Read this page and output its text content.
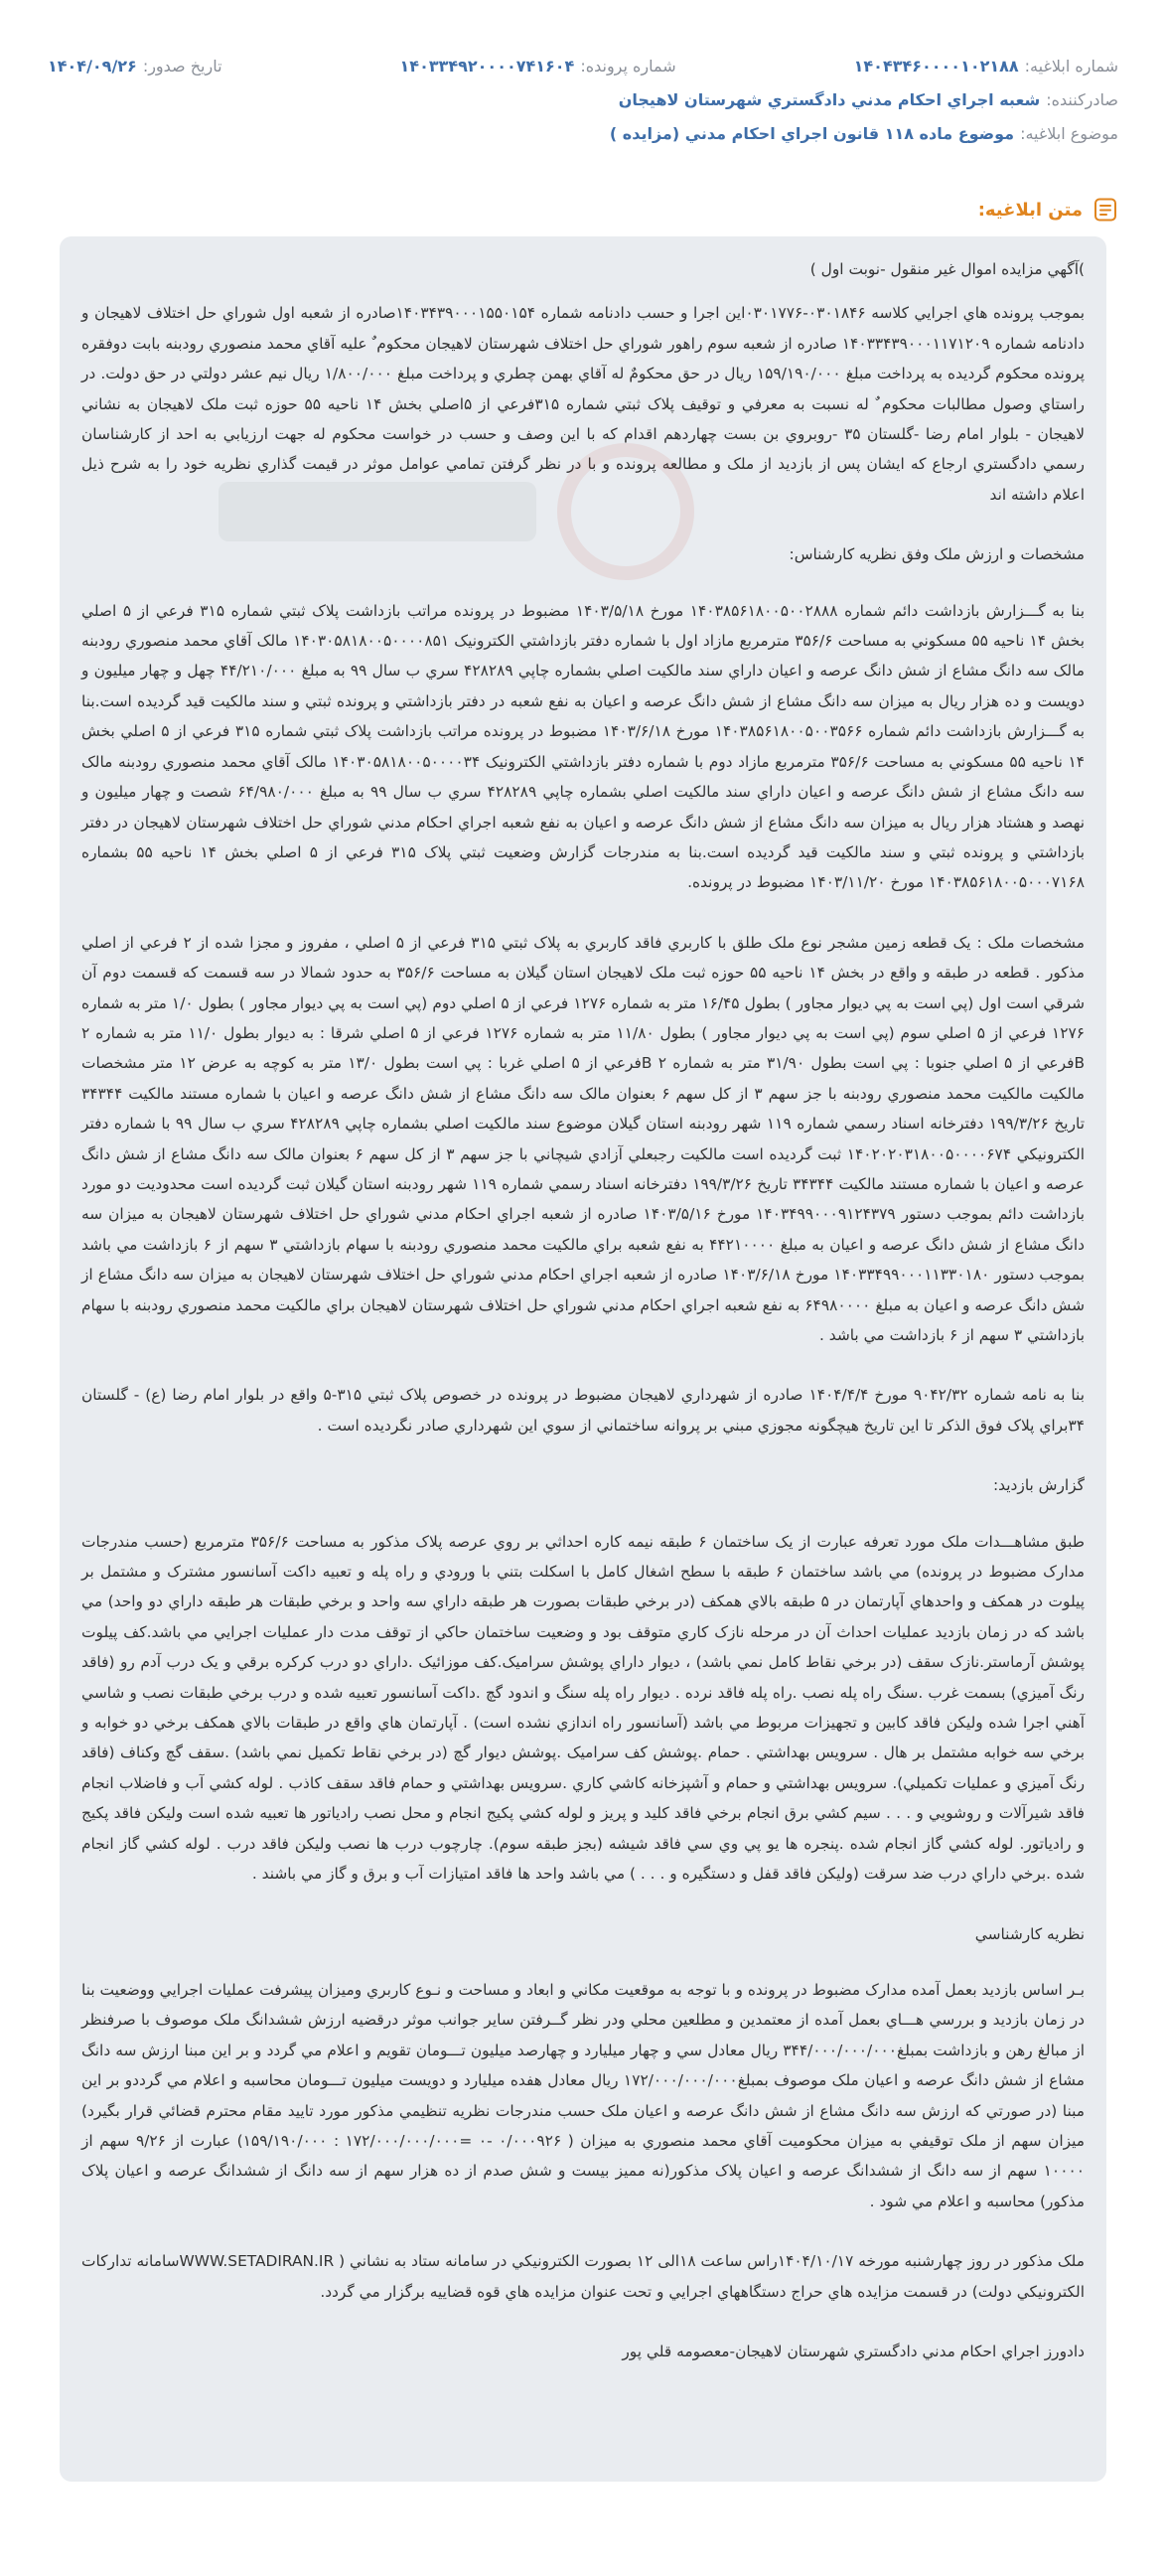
شماره ابلاغیه:۱۴۰۴۳۴۶۰۰۰۰۱۰۲۱۸۸
شماره پرونده:۱۴۰۳۳۴۹۲۰۰۰۰۷۴۱۶۰۴
تاریخ صدور:۱۴۰۴/۰۹/۲۶
صادرکننده:
شعبه اجراي احکام مدني دادگستري شهرستان لاهيجان
موضوع ابلاغیه:
موضوع ماده ۱۱۸ قانون اجراي احکام مدني (مزايده )
متن ابلاغیه:

)آگهي مزايده اموال غير منقول -نوبت اول )

بموجب پرونده هاي اجرايي کلاسه ۰۳۰۱۸۴۶-۰۳۰۱۷۷۶اين اجرا و حسب دادنامه شماره ۱۴۰۳۴۳۹۰۰۰۱۵۵۰۱۵۴صادره از شعبه اول شوراي حل اختلاف لاهيجان و دادنامه شماره ۱۴۰۳۳۴۳۹۰۰۰۱۱۷۱۲۰۹ صادره از شعبه سوم راهور شوراي حل اختلاف شهرستان لاهيجان محکوم ٌ عليه آقاي محمد منصوري رودبنه بابت دوفقره پرونده محکوم گرديده به پرداخت مبلغ ۱۵۹/۱۹۰/۰۰۰ ريال در حق محکومٌ له آقاي بهمن چطري و پرداخت مبلغ ۱/۸۰۰/۰۰۰ ريال نيم عشر دولتي در حق دولت. در راستاي وصول مطالبات محکوم ٌ له نسبت به معرفي و توقيف پلاک ثبتي شماره ۳۱۵فرعي از ۵اصلي بخش ۱۴ ناحيه ۵۵ حوزه ثبت ملک لاهيجان به نشاني لاهيجان - بلوار امام رضا -گلستان ۳۵ -روبروي بن بست چهاردهم اقدام که با اين وصف و حسب در خواست محکوم له جهت ارزيابي به احد از کارشناسان رسمي دادگستري ارجاع که ايشان پس از بازديد از ملک و مطالعه پرونده و با در نظر گرفتن تمامي عوامل موثر در قيمت گذاري نظريه خود را به شرح ذيل اعلام داشته اند

مشخصات و ارزش ملک وفق نظريه کارشناس:

بنا به گـــزارش بازداشت دائم شماره ۱۴۰۳۸۵۶۱۸۰۰۵۰۰۲۸۸۸ مورخ ۱۴۰۳/۵/۱۸ مضبوط در پرونده مراتب بازداشت پلاک ثبتي شماره ۳۱۵ فرعي از ۵ اصلي بخش ۱۴ ناحيه ۵۵ مسکوني به مساحت ۳۵۶/۶ مترمربع مازاد اول با شماره دفتر بازداشتي الکترونيک ۱۴۰۳۰۵۸۱۸۰۰۵۰۰۰۰۸۵۱ مالک آقاي محمد منصوري رودبنه مالک سه دانگ مشاع از شش دانگ عرصه و اعيان داراي سند مالکيت اصلي بشماره چاپي ۴۲۸۲۸۹ سري ب سال ۹۹ به مبلغ ۴۴/۲۱۰/۰۰۰ چهل و چهار ميليون و دويست و ده هزار ريال به ميزان سه دانگ مشاع از شش دانگ عرصه و اعيان به نفع شعبه در دفتر بازداشتي و پرونده ثبتي و سند مالکيت قيد گرديده است.بنا به گـــزارش بازداشت دائم شماره ۱۴۰۳۸۵۶۱۸۰۰۵۰۰۳۵۶۶ مورخ ۱۴۰۳/۶/۱۸ مضبوط در پرونده مراتب بازداشت پلاک ثبتي شماره ۳۱۵ فرعي از ۵ اصلي بخش ۱۴ ناحيه ۵۵ مسکوني به مساحت ۳۵۶/۶ مترمربع مازاد دوم با شماره دفتر بازداشتي الکترونيک ۱۴۰۳۰۵۸۱۸۰۰۵۰۰۰۰۳۴ مالک آقاي محمد منصوري رودبنه مالک سه دانگ مشاع از شش دانگ عرصه و اعيان داراي سند مالکيت اصلي بشماره چاپي ۴۲۸۲۸۹ سري ب سال ۹۹ به مبلغ ۶۴/۹۸۰/۰۰۰ شصت و چهار ميليون و نهصد و هشتاد هزار ريال به ميزان سه دانگ مشاع از شش دانگ عرصه و اعيان به نفع شعبه اجراي احکام مدني شوراي حل اختلاف شهرستان لاهيجان در دفتر بازداشتي و پرونده ثبتي و سند مالکيت قيد گرديده است.بنا به مندرجات گزارش وضعيت ثبتي پلاک ۳۱۵ فرعي از ۵ اصلي بخش ۱۴ ناحيه ۵۵ بشماره ۱۴۰۳۸۵۶۱۸۰۰۵۰۰۰۷۱۶۸ مورخ ۱۴۰۳/۱۱/۲۰ مضبوط در پرونده.

مشخصات ملک : يک قطعه زمين مشجر نوع ملک طلق با کاربري فاقد کاربري به پلاک ثبتي ۳۱۵ فرعي از ۵ اصلي ، مفروز و مجزا شده از ۲ فرعي از اصلي مذکور . قطعه در طبقه و واقع در بخش ۱۴ ناحيه ۵۵ حوزه ثبت ملک لاهيجان استان گيلان به مساحت ۳۵۶/۶ به حدود شمالا در سه قسمت که قسمت دوم آن شرقي است اول (پي است به پي ديوار مجاور ) بطول ۱۶/۴۵ متر به شماره ۱۲۷۶ فرعي از ۵ اصلي دوم (پي است به پي ديوار مجاور ) بطول ۱/۰ متر به شماره ۱۲۷۶ فرعي از ۵ اصلي سوم (پي است به پي ديوار مجاور ) بطول ۱۱/۸۰ متر به شماره ۱۲۷۶ فرعي از ۵ اصلي شرقا : به ديوار بطول ۱۱/۰ متر به شماره ۲ Bفرعي از ۵ اصلي جنوبا : پي است بطول ۳۱/۹۰ متر به شماره ۲ Bفرعي از ۵ اصلي غربا : پي است بطول ۱۳/۰ متر به کوچه به عرض ۱۲ متر مشخصات مالکيت مالکيت محمد منصوري رودبنه با جز سهم ۳ از کل سهم ۶ بعنوان مالک سه دانگ مشاع از شش دانگ عرصه و اعيان با شماره مستند مالکيت ۳۴۳۴۴ تاريخ ۱۹۹/۳/۲۶ دفترخانه اسناد رسمي شماره ۱۱۹ شهر رودبنه استان گيلان موضوع سند مالکيت اصلي بشماره چاپي ۴۲۸۲۸۹ سري ب سال ۹۹ با شماره دفتر الکترونيکي ۱۴۰۲۰۲۰۳۱۸۰۰۵۰۰۰۰۶۷۴ ثبت گرديده است مالکيت رجبعلي آزادي شيچاني با جز سهم ۳ از کل سهم ۶ بعنوان مالک سه دانگ مشاع از شش دانگ عرصه و اعيان با شماره مستند مالکيت ۳۴۳۴۴ تاريخ ۱۹۹/۳/۲۶ دفترخانه اسناد رسمي شماره ۱۱۹ شهر رودبنه استان گيلان ثبت گرديده است محدوديت دو مورد بازداشت دائم بموجب دستور ۱۴۰۳۴۹۹۰۰۰۹۱۲۴۳۷۹ مورخ ۱۴۰۳/۵/۱۶ صادره از شعبه اجراي احکام مدني شوراي حل اختلاف شهرستان لاهيجان به ميزان سه دانگ مشاع از شش دانگ عرصه و اعيان به مبلغ ۴۴۲۱۰۰۰۰ به نفع شعبه براي مالکيت محمد منصوري رودبنه با سهام بازداشتي ۳ سهم از ۶ بازداشت مي باشد بموجب دستور ۱۴۰۳۳۴۹۹۰۰۰۱۱۳۳۰۱۸۰ مورخ ۱۴۰۳/۶/۱۸ صادره از شعبه اجراي احکام مدني شوراي حل اختلاف شهرستان لاهيجان به ميزان سه دانگ مشاع از شش دانگ عرصه و اعيان به مبلغ ۶۴۹۸۰۰۰۰ به نفع شعبه اجراي احکام مدني شوراي حل اختلاف شهرستان لاهيجان براي مالکيت محمد منصوري رودبنه با سهام بازداشتي ۳ سهم از ۶ بازداشت مي باشد .

بنا به نامه شماره ۹۰۴۲/۳۲ مورخ ۱۴۰۴/۴/۴ صادره از شهرداري لاهيجان مضبوط در پرونده در خصوص پلاک ثبتي ۳۱۵-۵ واقع در بلوار امام رضا (ع) - گلستان ۳۴براي پلاک فوق الذکر تا اين تاريخ هيچگونه مجوزي مبني بر پروانه ساختماني از سوي اين شهرداري صادر نگرديده است .

گزارش بازديد:

طبق مشاهـــدات ملک مورد تعرفه عبارت از يک ساختمان ۶ طبقه نيمه کاره احداثي بر روي عرصه پلاک مذکور به مساحت ۳۵۶/۶ مترمربع (حسب مندرجات مدارک مضبوط در پرونده) مي باشد ساختمان ۶ طبقه با سطح اشغال کامل با اسکلت بتني با ورودي و راه پله و تعبيه داکت آسانسور مشترک و مشتمل بر پيلوت در همکف و واحدهاي آپارتمان در ۵ طبقه بالاي همکف (در برخي طبقات بصورت هر طبقه داراي سه واحد و برخي طبقات هر طبقه داراي دو واحد) مي باشد که در زمان بازديد عمليات احداث آن در مرحله نازک کاري متوقف بود و وضعيت ساختمان حاکي از توقف مدت دار عمليات اجرايي مي باشد.کف پيلوت پوشش آرماستر.نازک سقف (در برخي نقاط کامل نمي باشد) ، ديوار داراي پوشش سراميک.کف موزائيک .داراي دو درب کرکره برقي و يک درب آدم رو (فاقد رنگ آميزي) بسمت غرب .سنگ راه پله نصب .راه پله فاقد نرده . ديوار راه پله سنگ و اندود گچ .داکت آسانسور تعبيه شده و درب برخي طبقات نصب و شاسي آهني اجرا شده وليکن فاقد کابين و تجهيزات مربوط مي باشد (آسانسور راه اندازي نشده است) . آپارتمان هاي واقع در طبقات بالاي همکف برخي دو خوابه و برخي سه خوابه مشتمل بر هال . سرويس بهداشتي . حمام .پوشش کف سراميک .پوشش ديوار گچ (در برخي نقاط تکميل نمي باشد) .سقف گچ وکناف (فاقد رنگ آميزي و عمليات تکميلي). سرويس بهداشتي و حمام و آشپزخانه کاشي کاري .سرويس بهداشتي و حمام فاقد سقف کاذب . لوله کشي آب و فاضلاب انجام فاقد شيرآلات و روشويي و . . . سيم کشي برق انجام برخي فاقد کليد و پريز و لوله کشي پکيج انجام و محل نصب رادياتور ها تعبيه شده است وليکن فاقد پکيج و رادياتور. لوله کشي گاز انجام شده .پنجره ها يو پي وي سي فاقد شيشه (بجز طبقه سوم). چارچوب درب ها نصب وليکن فاقد درب . لوله کشي گاز انجام شده .برخي داراي درب ضد سرقت (وليکن فاقد قفل و دستگيره و . . . ) مي باشد واحد ها فاقد امتيازات آب و برق و گاز مي باشند .

نظريه کارشناسي

بـر اساس بازديد بعمل آمده مدارک مضبوط در پرونده و با توجه به موقعيت مکاني و ابعاد و مساحت و نـوع کاربري وميزان پيشرفت عمليات اجرايي ووضعيت بنا در زمان بازديد و بررسي هـــاي بعمل آمده از معتمدين و مطلعين محلي ودر نظر گــرفتن ساير جوانب موثر درقضيه ارزش ششدانگ ملک موصوف با صرفنظر از مبالغ رهن و بازداشت بمبلغ۳۴۴/۰۰۰/۰۰۰/۰۰۰ ريال معادل سي و چهار ميليارد و چهارصد ميليون تـــومان تقويم و اعلام مي گردد و بر اين مبنا ارزش سه دانگ مشاع از شش دانگ عرصه و اعيان ملک موصوف بمبلغ۱۷۲/۰۰۰/۰۰۰/۰۰۰ ريال معادل هفده ميليارد و دويست ميليون تـــومان محاسبه و اعلام مي گرددو بر اين مبنا (در صورتي که ارزش سه دانگ مشاع از شش دانگ عرصه و اعيان ملک حسب مندرجات نظريه تنظيمي مذکور مورد تاييد مقام محترم قضائي قرار بگيرد) ميزان سهم از ملک توقيفي به ميزان محکوميت آقاي محمد منصوري به ميزان ( ۰/۰۰۰۹۲۶ -۰ =۱۷۲/۰۰۰/۰۰۰/۰۰۰ : ۱۵۹/۱۹۰/۰۰۰) عبارت از ۹/۲۶ سهم از ۱۰۰۰۰ سهم از سه دانگ از ششدانگ عرصه و اعيان پلاک مذکور(نه مميز بيست و شش صدم از ده هزار سهم از سه دانگ از ششدانگ عرصه و اعيان پلاک مذکور) محاسبه و اعلام مي شود .

ملک مذکور در روز چهارشنبه مورخه ۱۴۰۴/۱۰/۱۷راس ساعت ۱۸الی ۱۲ بصورت الکترونيکي در سامانه ستاد به نشاني ( WWW.SETADIRAN.IRسامانه تدارکات الکترونيکي دولت) در قسمت مزايده هاي حراج دستگاههاي اجرايي و تحت عنوان مزايده هاي قوه قضاييه برگزار مي گردد.

دادورز اجراي احکام مدني دادگستري شهرستان لاهيجان-معصومه قلي پور
